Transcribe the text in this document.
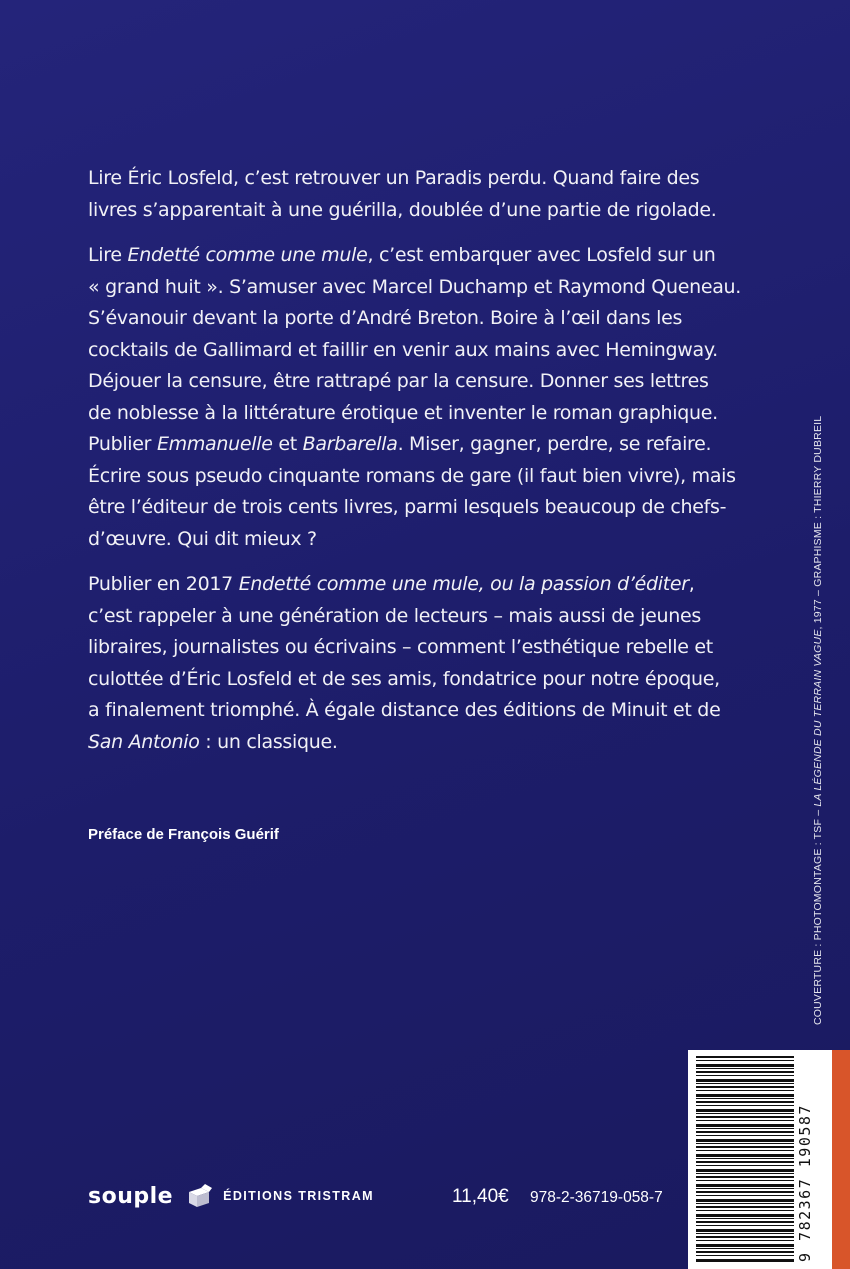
Lire Éric Losfeld, c’est retrouver un Paradis perdu. Quand faire des
livres s’apparentait à une guérilla, doublée d’une partie de rigolade.

Lire Endetté comme une mule, c’est embarquer avec Losfeld sur un
« grand huit ». S’amuser avec Marcel Duchamp et Raymond Queneau.
S’évanouir devant la porte d’André Breton. Boire à l’œil dans les
cocktails de Gallimard et faillir en venir aux mains avec Hemingway.
Déjouer la censure, être rattrapé par la censure. Donner ses lettres
de noblesse à la littérature érotique et inventer le roman graphique.
Publier Emmanuelle et Barbarella. Miser, gagner, perdre, se refaire.
Écrire sous pseudo cinquante romans de gare (il faut bien vivre), mais
être l’éditeur de trois cents livres, parmi lesquels beaucoup de chefs-
d’œuvre. Qui dit mieux ?

Publier en 2017 Endetté comme une mule, ou la passion d’éditer,
c’est rappeler à une génération de lecteurs – mais aussi de jeunes
libraires, journalistes ou écrivains – comment l’esthétique rebelle et
culottée d’Éric Losfeld et de ses amis, fondatrice pour notre époque,
a finalement triomphé. À égale distance des éditions de Minuit et de
San Antonio : un classique.

Préface de François Guérif	COUVERTURE : PHOTOMONTAGE : TSF – LA LÉGENDE DU TERRAIN VAGUE, 1977 – GRAPHISME : THIERRY DUBREIL
9 782367 190587
souple	ÉDITIONS TRISTRAM	11,40€ 978-2-36719-058-7
